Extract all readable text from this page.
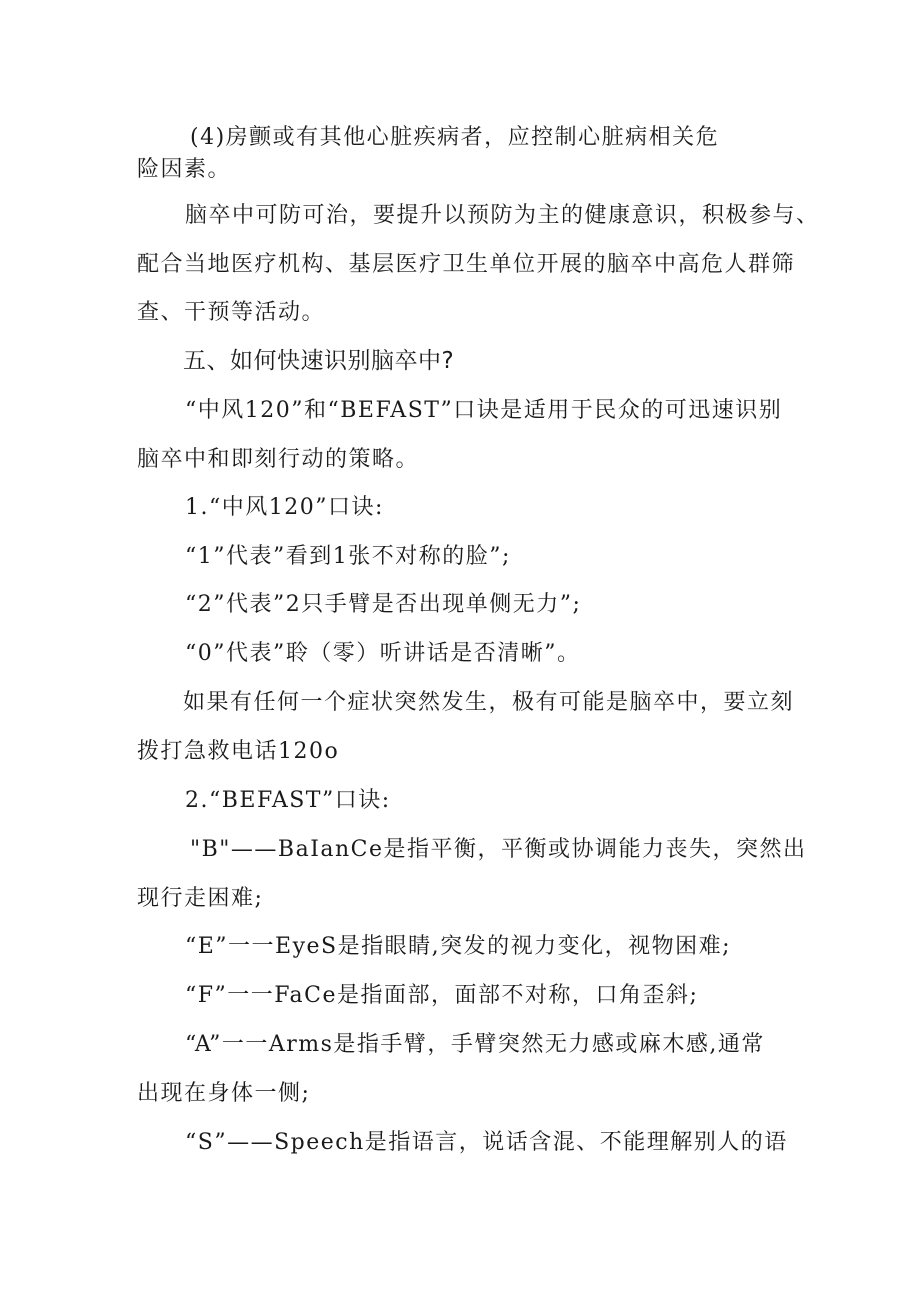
(4)房颤或有其他心脏疾病者，应控制心脏病相关危
险因素。
脑卒中可防可治，要提升以预防为主的健康意识，积极参与、
配合当地医疗机构、基层医疗卫生单位开展的脑卒中高危人群筛
查、干预等活动。
五、如何快速识别脑卒中?
“中风120”和“BEFAST”口诀是适用于民众的可迅速识别
脑卒中和即刻行动的策略。
1.“中风120”口诀:
“1”代表”看到1张不对称的脸”;
“2”代表”2只手臂是否出现单侧无力”;
“0”代表”聆（零）听讲话是否清晰”。
如果有任何一个症状突然发生，极有可能是脑卒中，要立刻
拨打急救电话120o
2.“BEFAST”口诀:
"B"——BaIanCe是指平衡，平衡或协调能力丧失，突然出
现行走困难;
“E”一一EyeS是指眼睛,突发的视力变化，视物困难;
“F”一一FaCe是指面部，面部不对称，口角歪斜;
“A”一一Arms是指手臂，手臂突然无力感或麻木感,通常
出现在身体一侧;
“S”——Speech是指语言，说话含混、不能理解别人的语
